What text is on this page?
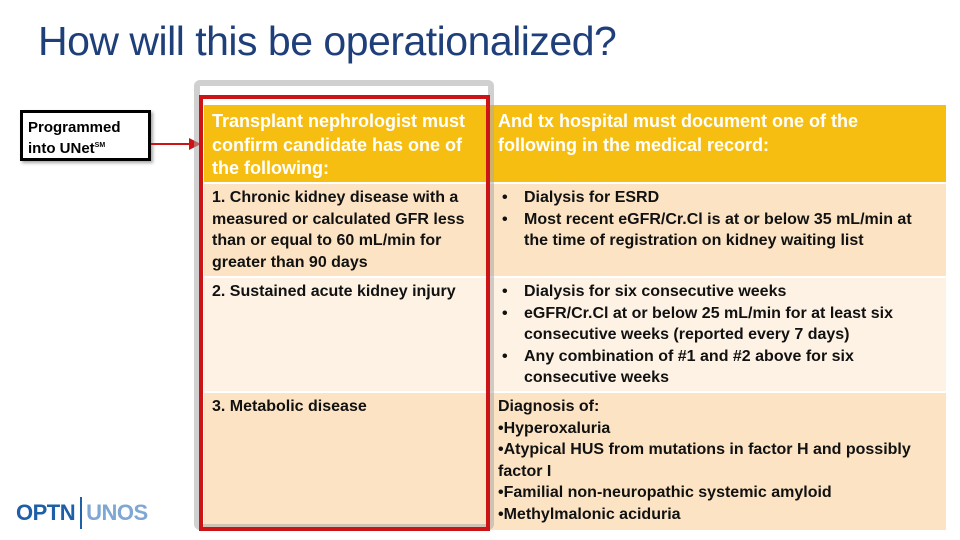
How will this be operationalized?
Programmed
into UNet℠
Transplant nephrologist must confirm candidate has one of the following:
And tx hospital must document one of the following in the medical record:
1. Chronic kidney disease with a measured or calculated GFR less than or equal to 60 mL/min for greater than 90 days
• Dialysis for ESRD
• Most recent eGFR/Cr.Cl is at or below 35 mL/min at the time of registration on kidney waiting list
2. Sustained acute kidney injury
•	Dialysis for six consecutive weeks
• eGFR/Cr.Cl at or below 25 mL/min for at least six consecutive weeks (reported every 7 days)
• Any combination of #1 and #2 above for six consecutive weeks
3. Metabolic disease	Diagnosis of:
•Hyperoxaluria
•Atypical HUS from mutations in factor H and possibly factor I
•Familial non-neuropathic systemic amyloid
•Methylmalonic aciduria
OPTN UNOS
